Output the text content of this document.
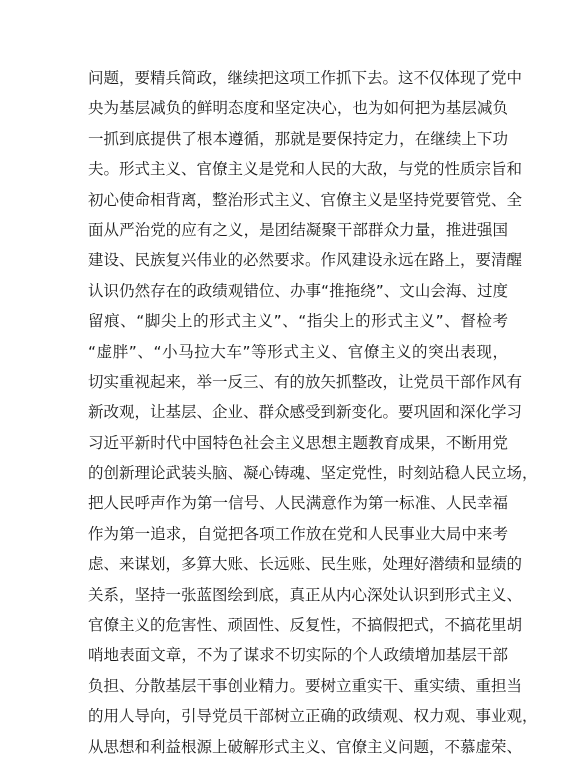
问题，要精兵简政，继续把这项工作抓下去。这不仅体现了党中
央为基层减负的鲜明态度和坚定决心，也为如何把为基层减负
一抓到底提供了根本遵循，那就是要保持定力，在继续上下功
夫。形式主义、官僚主义是党和人民的大敌，与党的性质宗旨和
初心使命相背离，整治形式主义、官僚主义是坚持党要管党、全
面从严治党的应有之义，是团结凝聚干部群众力量，推进强国
建设、民族复兴伟业的必然要求。作风建设永远在路上，要清醒
认识仍然存在的政绩观错位、办事“推拖绕”、文山会海、过度
留痕、“脚尖上的形式主义”、“指尖上的形式主义”、督检考
“虚胖”、“小马拉大车”等形式主义、官僚主义的突出表现，
切实重视起来，举一反三、有的放矢抓整改，让党员干部作风有
新改观，让基层、企业、群众感受到新变化。要巩固和深化学习
习近平新时代中国特色社会主义思想主题教育成果，不断用党
的创新理论武装头脑、凝心铸魂、坚定党性，时刻站稳人民立场，
把人民呼声作为第一信号、人民满意作为第一标准、人民幸福
作为第一追求，自觉把各项工作放在党和人民事业大局中来考
虑、来谋划，多算大账、长远账、民生账，处理好潜绩和显绩的
关系，坚持一张蓝图绘到底，真正从内心深处认识到形式主义、
官僚主义的危害性、顽固性、反复性，不搞假把式，不搞花里胡
哨地表面文章，不为了谋求不切实际的个人政绩增加基层干部
负担、分散基层干事创业精力。要树立重实干、重实绩、重担当
的用人导向，引导党员干部树立正确的政绩观、权力观、事业观，
从思想和利益根源上破解形式主义、官僚主义问题，不慕虚荣、
